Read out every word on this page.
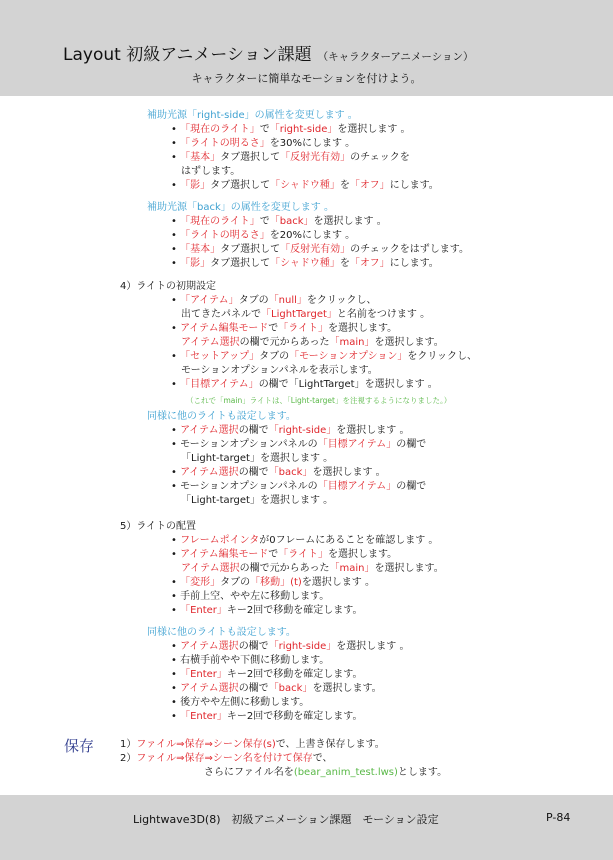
Layout 初級アニメーション課題 （キャラクターアニメーション）
キャラクターに簡単なモーションを付けよう。
補助光源「right-side」の属性を変更します 。
• 「現在のライト」で「right-side」を選択します 。
• 「ライトの明るさ」を30%にします 。
• 「基本」タブ選択して「反射光有効」のチェックを
はずします。
• 「影」タブ選択して「シャドウ種」を「オフ」にします。
補助光源「back」の属性を変更します 。
• 「現在のライト」で「back」を選択します 。
• 「ライトの明るさ」を20%にします 。
• 「基本」タブ選択して「反射光有効」のチェックをはずします。
• 「影」タブ選択して「シャドウ種」を「オフ」にします。
4）ライトの初期設定
• 「アイテム」タブの「null」をクリックし、
出てきたパネルで「LightTarget」と名前をつけます 。
• アイテム編集モードで「ライト」を選択します。
アイテム選択の欄で元からあった「main」を選択します。
• 「セットアップ」タブの「モーションオプション」をクリックし、
モーションオプションパネルを表示します。
• 「目標アイテム」の欄で「LightTarget」を選択します 。
（これで「main」ライトは、「Light-target」を注視するようになりました。）
同様に他のライトも設定します。
• アイテム選択の欄で「right-side」を選択します 。
• モーションオプションパネルの「目標アイテム」の欄で
「Light-target」を選択します 。
• アイテム選択の欄で「back」を選択します 。
• モーションオプションパネルの「目標アイテム」の欄で
「Light-target」を選択します 。
5）ライトの配置
• フレームポインタが0フレームにあることを確認します 。
• アイテム編集モードで「ライト」を選択します。
アイテム選択の欄で元からあった「main」を選択します。
• 「変形」タブの「移動」(t)を選択します 。
• 手前上空、やや左に移動します。
• 「Enter」キー2回で移動を確定します。
同様に他のライトも設定します。
• アイテム選択の欄で「right-side」を選択します 。
• 右横手前やや下側に移動します。
• 「Enter」キー2回で移動を確定します。
• アイテム選択の欄で「back」を選択します。
• 後方やや左側に移動します。
• 「Enter」キー2回で移動を確定します。
1）ファイル⇒保存⇒シーン保存(s)で、上書き保存します。
2）ファイル⇒保存⇒シーン名を付けて保存で、
さらにファイル名を(bear_anim_test.lws)とします。
保存
Lightwave3D(8)　初級アニメーション課題　モーション設定	P-84
